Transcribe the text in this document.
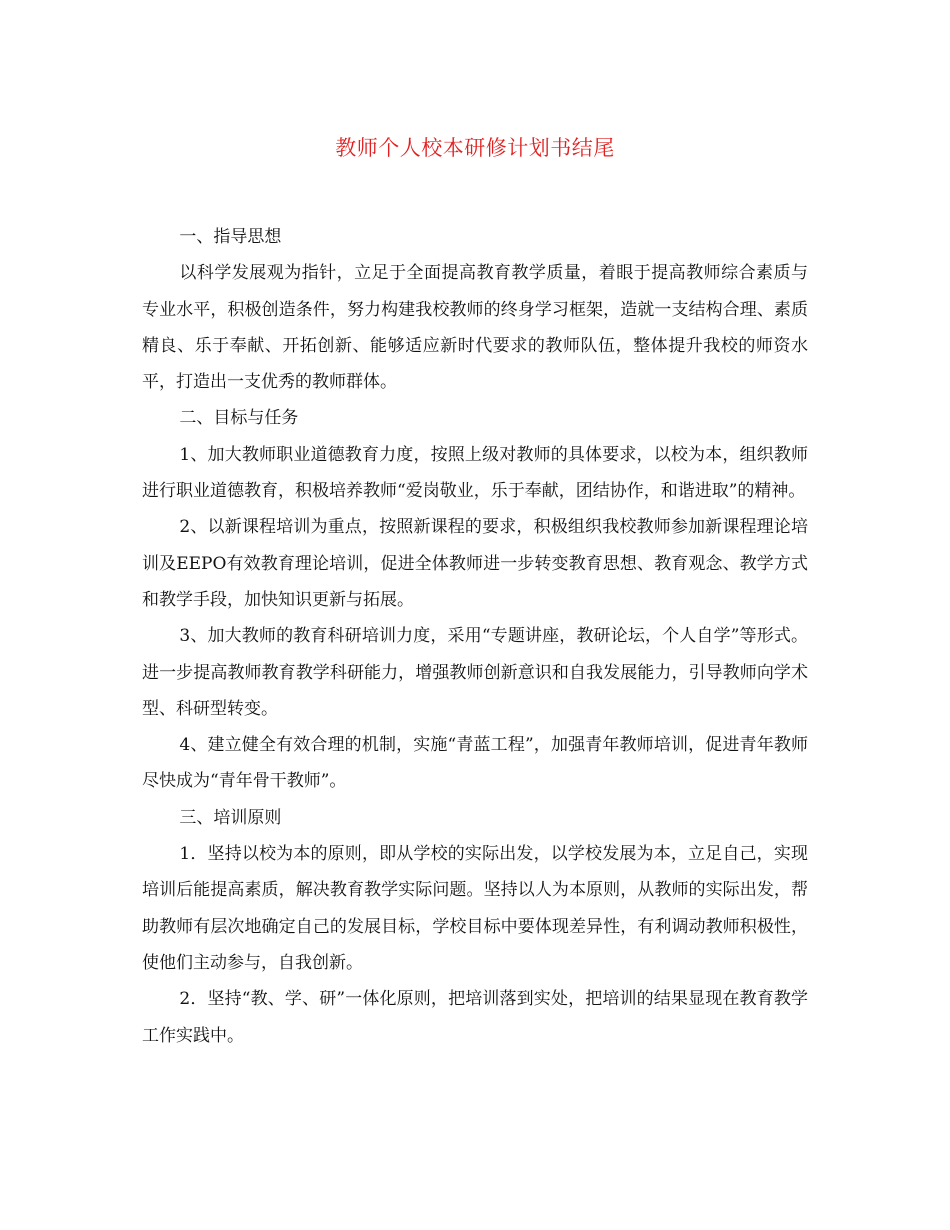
教师个人校本研修计划书结尾

一、指导思想

以科学发展观为指针，立足于全面提高教育教学质量，着眼于提高教师综合素质与专业水平，积极创造条件，努力构建我校教师的终身学习框架，造就一支结构合理、素质精良、乐于奉献、开拓创新、能够适应新时代要求的教师队伍，整体提升我校的师资水平，打造出一支优秀的教师群体。

二、目标与任务

1、加大教师职业道德教育力度，按照上级对教师的具体要求，以校为本，组织教师进行职业道德教育，积极培养教师“爱岗敬业，乐于奉献，团结协作，和谐进取”的精神。

2、以新课程培训为重点，按照新课程的要求，积极组织我校教师参加新课程理论培训及EEPO有效教育理论培训，促进全体教师进一步转变教育思想、教育观念、教学方式和教学手段，加快知识更新与拓展。

3、加大教师的教育科研培训力度，采用“专题讲座，教研论坛，个人自学”等形式。进一步提高教师教育教学科研能力，增强教师创新意识和自我发展能力，引导教师向学术型、科研型转变。

4、建立健全有效合理的机制，实施“青蓝工程”，加强青年教师培训，促进青年教师尽快成为“青年骨干教师”。

三、培训原则

1．坚持以校为本的原则，即从学校的实际出发，以学校发展为本，立足自己，实现培训后能提高素质，解决教育教学实际问题。坚持以人为本原则，从教师的实际出发，帮助教师有层次地确定自己的发展目标，学校目标中要体现差异性，有利调动教师积极性，使他们主动参与，自我创新。

2．坚持“教、学、研”一体化原则，把培训落到实处，把培训的结果显现在教育教学工作实践中。
